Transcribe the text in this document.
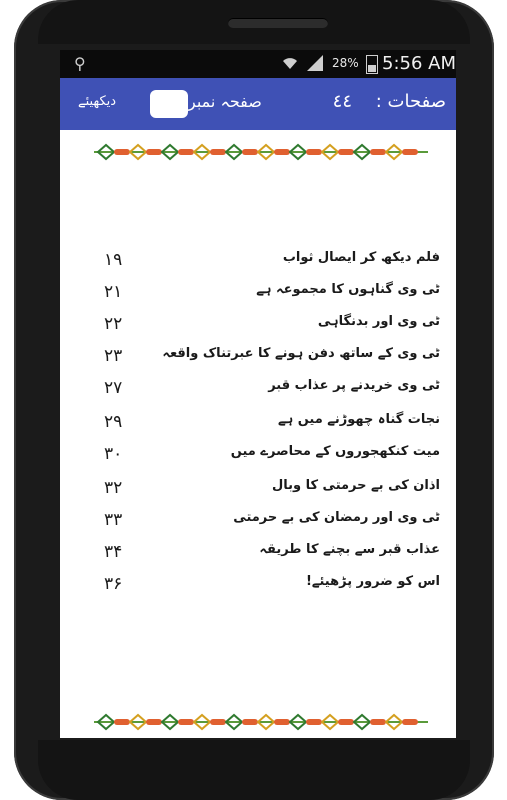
⚲	28% 5:56 AM
صفحات :
٤٤
صفحہ نمبر
دیکھیئے
۱۹	فلم دیکھ کر ایصال ثواب
۲۱	ٹی وی گناہوں کا مجموعہ ہے
۲۲	ٹی وی اور بدنگاہی
۲۳	ٹی وی کے ساتھ دفن ہونے کا عبرتناک واقعہ
۲۷	ٹی وی خریدنے پر عذاب قبر
۲۹	نجات گناہ چھوڑنے میں ہے
۳۰	میت کنکھجوروں کے محاصرے میں
۳۲	اذان کی بے حرمتی کا وبال
۳۳	ٹی وی اور رمضان کی بے حرمتی
۳۴	عذاب قبر سے بچنے کا طریقہ
۳۶	اس کو ضرور پڑھیئے!
